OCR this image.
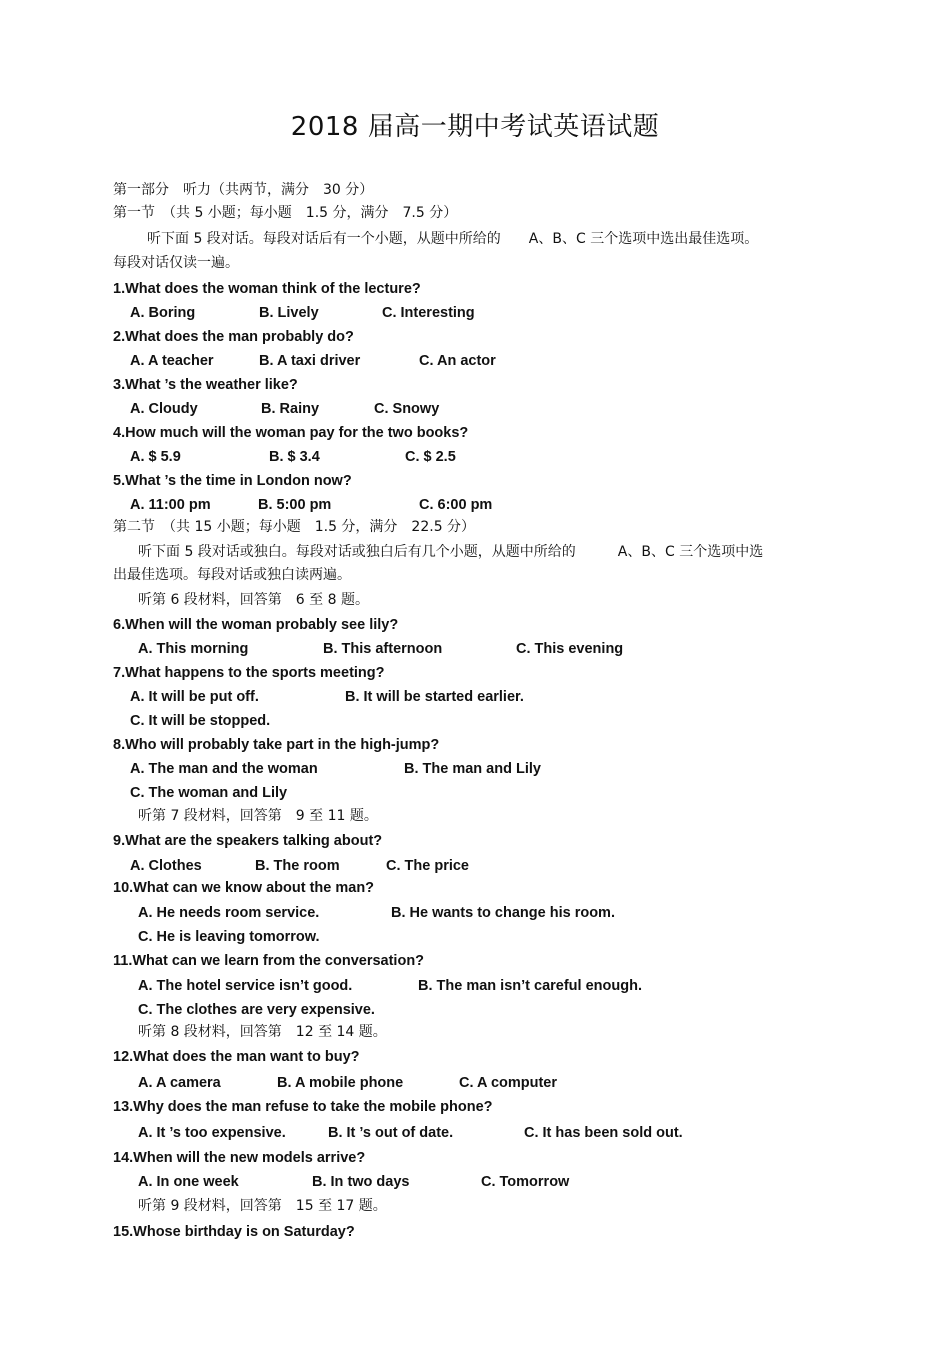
2018 届高一期中考试英语试题
第一部分　听力（共两节，满分　30 分）
第一节　（共 5 小题；每小题　1.5 分，满分　7.5 分）
听下面 5 段对话。每段对话后有一个小题，从题中所给的　　A、B、C 三个选项中选出最佳选项。
每段对话仅读一遍。
1.What does the woman think of the lecture?
A. Boring	B. Lively	C. Interesting
2.What does the man probably do?
A. A teacher	B. A taxi driver	C. An actor
3.What ’s the weather like?
A. Cloudy	B. Rainy	C. Snowy
4.How much will the woman pay for the two books?
A. $ 5.9	B. $ 3.4	C. $ 2.5
5.What ’s the time in London now?
A. 11:00 pm	B. 5:00 pm	C. 6:00 pm
第二节　（共 15 小题；每小题　1.5 分，满分　22.5 分）
听下面 5 段对话或独白。每段对话或独白后有几个小题，从题中所给的　　　A、B、C 三个选项中选
出最佳选项。每段对话或独白读两遍。
听第 6 段材料，回答第　6 至 8 题。
6.When will the woman probably see lily?
A. This morning	B. This afternoon	C. This evening
7.What happens to the sports meeting?
A. It will be put off.	B. It will be started earlier.
C. It will be stopped.
8.Who will probably take part in the high-jump?
A. The man and the woman	B. The man and Lily
C. The woman and Lily
听第 7 段材料，回答第　9 至 11 题。
9.What are the speakers talking about?
A. Clothes	B. The room	C. The price
10.What can we know about the man?
A. He needs room service.	B. He wants to change his room.
C. He is leaving tomorrow.
11.What can we learn from the conversation?
A. The hotel service isn’t good.	B. The man isn’t careful enough.
C. The clothes are very expensive.
听第 8 段材料，回答第　12 至 14 题。
12.What does the man want to buy?
A. A camera	B. A mobile phone	C. A computer
13.Why does the man refuse to take the mobile phone?
A. It ’s too expensive.	B. It ’s out of date.	C. It has been sold out.
14.When will the new models arrive?
A. In one week	B. In two days	C. Tomorrow
听第 9 段材料，回答第　15 至 17 题。
15.Whose birthday is on Saturday?
